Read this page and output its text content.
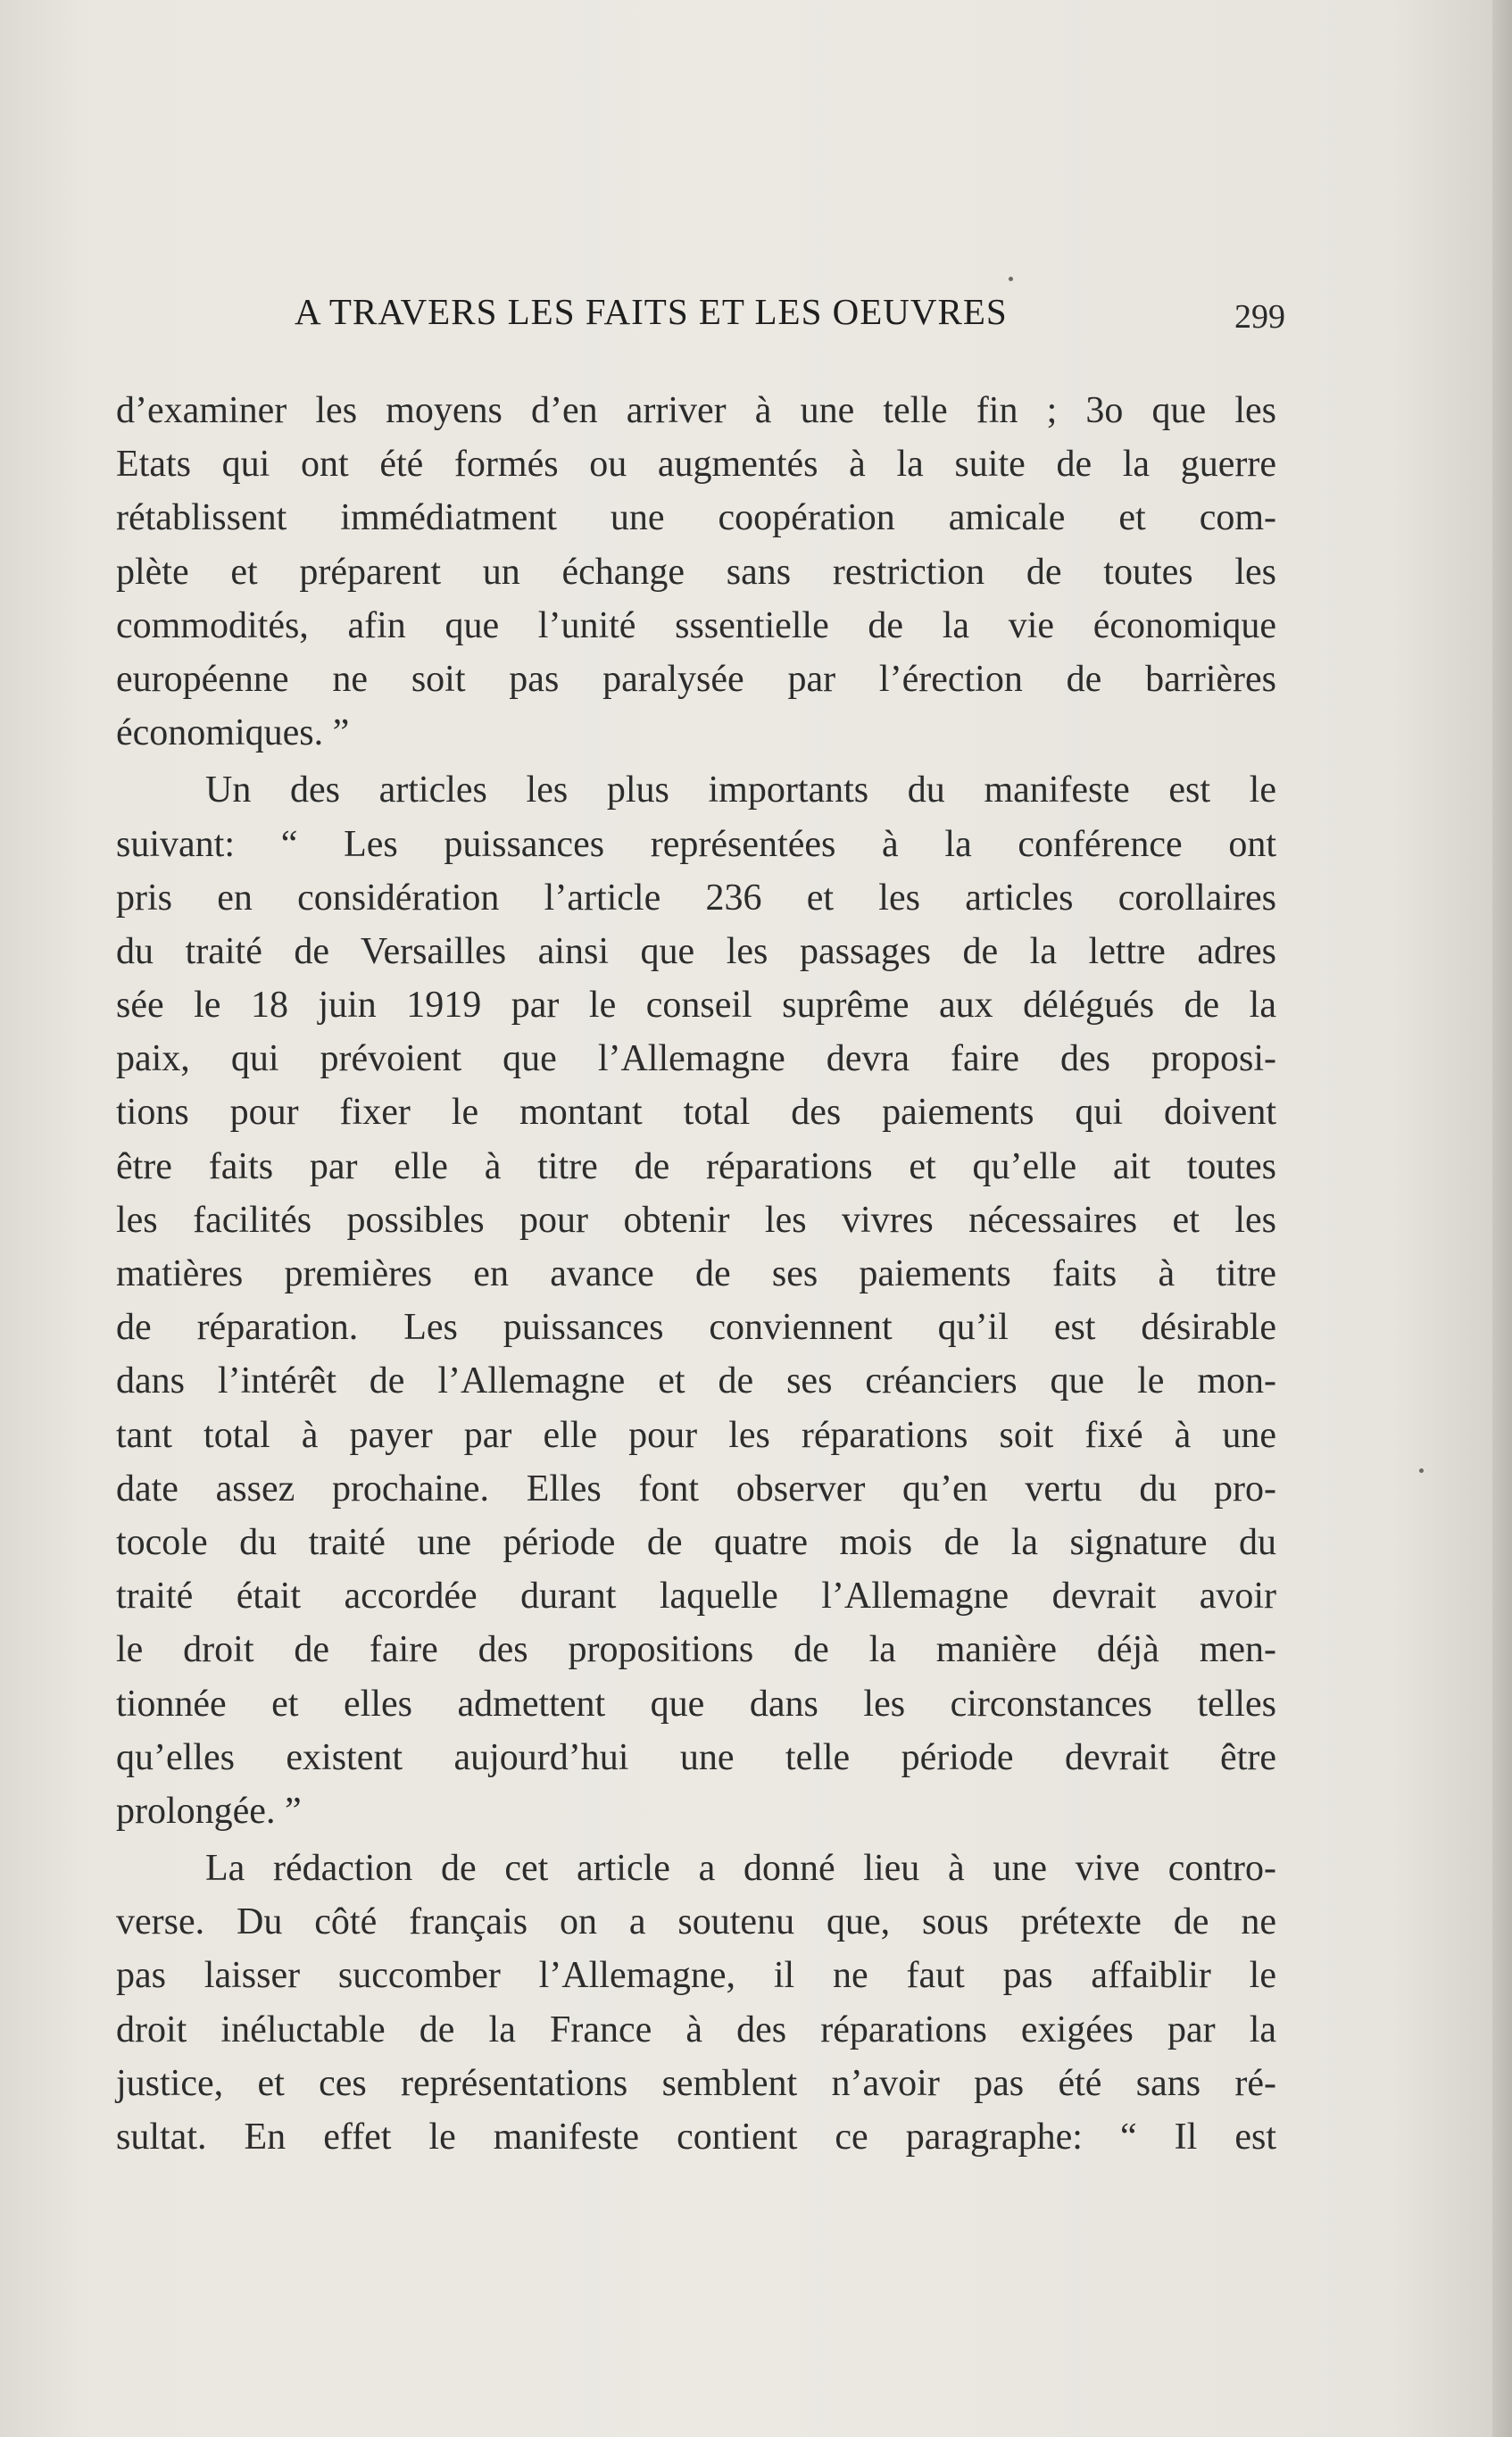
A TRAVERS LES FAITS ET LES OEUVRES	299
d’examiner les moyens d’en arriver à une telle fin ; 3o que les
Etats qui ont été formés ou augmentés à la suite de la guerre
rétablissent immédiatment une coopération amicale et com-
plète et préparent un échange sans restriction de toutes les
commodités, afin que l’unité sssentielle de la vie économique
européenne ne soit pas paralysée par l’érection de barrières
économiques. ”
Un des articles les plus importants du manifeste est le
suivant: “ Les puissances représentées à la conférence ont
pris en considération l’article 236 et les articles corollaires
du traité de Versailles ainsi que les passages de la lettre adres
sée le 18 juin 1919 par le conseil suprême aux délégués de la
paix, qui prévoient que l’Allemagne devra faire des proposi-
tions pour fixer le montant total des paiements qui doivent
être faits par elle à titre de réparations et qu’elle ait toutes
les facilités possibles pour obtenir les vivres nécessaires et les
matières premières en avance de ses paiements faits à titre
de réparation. Les puissances conviennent qu’il est désirable
dans l’intérêt de l’Allemagne et de ses créanciers que le mon-
tant total à payer par elle pour les réparations soit fixé à une
date assez prochaine. Elles font observer qu’en vertu du pro-
tocole du traité une période de quatre mois de la signature du
traité était accordée durant laquelle l’Allemagne devrait avoir
le droit de faire des propositions de la manière déjà men-
tionnée et elles admettent que dans les circonstances telles
qu’elles existent aujourd’hui une telle période devrait être
prolongée. ”
La rédaction de cet article a donné lieu à une vive contro-
verse. Du côté français on a soutenu que, sous prétexte de ne
pas laisser succomber l’Allemagne, il ne faut pas affaiblir le
droit inéluctable de la France à des réparations exigées par la
justice, et ces représentations semblent n’avoir pas été sans ré-
sultat. En effet le manifeste contient ce paragraphe: “ Il est
